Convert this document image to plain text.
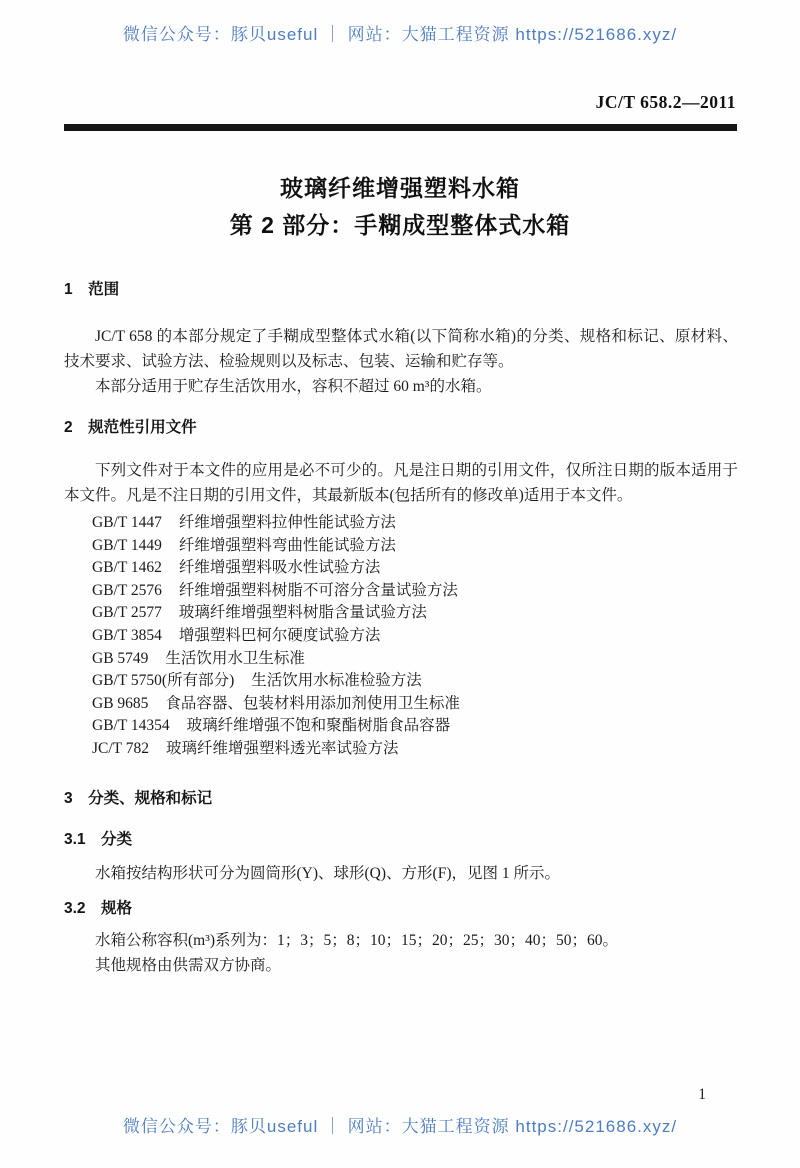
微信公众号：豚贝useful ｜ 网站：大猫工程资源 https://521686.xyz/
JC/T 658.2—2011
玻璃纤维增强塑料水箱
第 2 部分：手糊成型整体式水箱
1　范围

JC/T 658 的本部分规定了手糊成型整体式水箱(以下简称水箱)的分类、规格和标记、原材料、技术要求、试验方法、检验规则以及标志、包装、运输和贮存等。

本部分适用于贮存生活饮用水，容积不超过 60 m³的水箱。

2　规范性引用文件

下列文件对于本文件的应用是必不可少的。凡是注日期的引用文件，仅所注日期的版本适用于本文件。凡是不注日期的引用文件，其最新版本(包括所有的修改单)适用于本文件。

GB/T 1447 纤维增强塑料拉伸性能试验方法
GB/T 1449 纤维增强塑料弯曲性能试验方法
GB/T 1462 纤维增强塑料吸水性试验方法
GB/T 2576 纤维增强塑料树脂不可溶分含量试验方法
GB/T 2577 玻璃纤维增强塑料树脂含量试验方法
GB/T 3854 增强塑料巴柯尔硬度试验方法
GB 5749 生活饮用水卫生标准
GB/T 5750(所有部分) 生活饮用水标准检验方法
GB 9685 食品容器、包装材料用添加剂使用卫生标准
GB/T 14354 玻璃纤维增强不饱和聚酯树脂食品容器
JC/T 782 玻璃纤维增强塑料透光率试验方法
3　分类、规格和标记
3.1　分类

水箱按结构形状可分为圆筒形(Y)、球形(Q)、方形(F)，见图 1 所示。

3.2　规格

水箱公称容积(m³)系列为：1；3；5；8；10；15；20；25；30；40；50；60。

其他规格由供需双方协商。

1
微信公众号：豚贝useful ｜ 网站：大猫工程资源 https://521686.xyz/
